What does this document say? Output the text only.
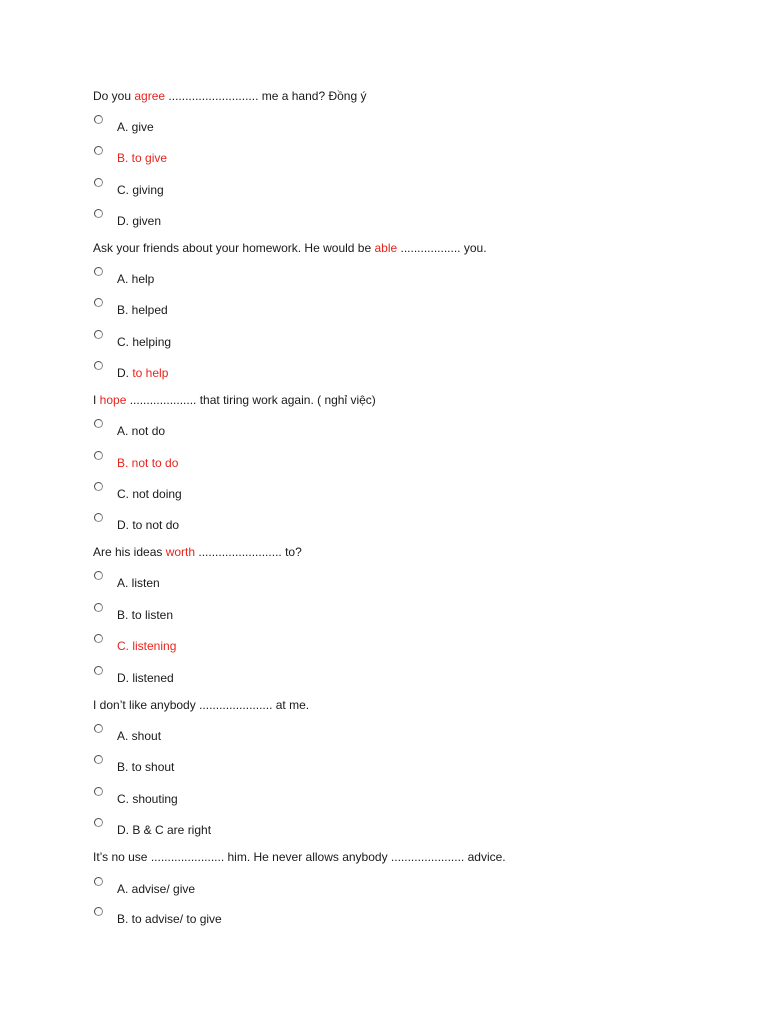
Do you agree ........................... me a hand? Đồng ý

A. give
B. to give
C. giving
D. given

Ask your friends about your homework. He would be able .................. you.

A. help
B. helped
C. helping
D. to help

I hope .................... that tiring work again. ( nghỉ việc)

A. not do
B. not to do
C. not doing
D. to not do

Are his ideas worth ......................... to?

A. listen
B. to listen
C. listening
D. listened

I don’t like anybody ...................... at me.

A. shout
B. to shout
C. shouting
D. B & C are right

It’s no use ...................... him. He never allows anybody ...................... advice.

A. advise/ give
B. to advise/ to give
